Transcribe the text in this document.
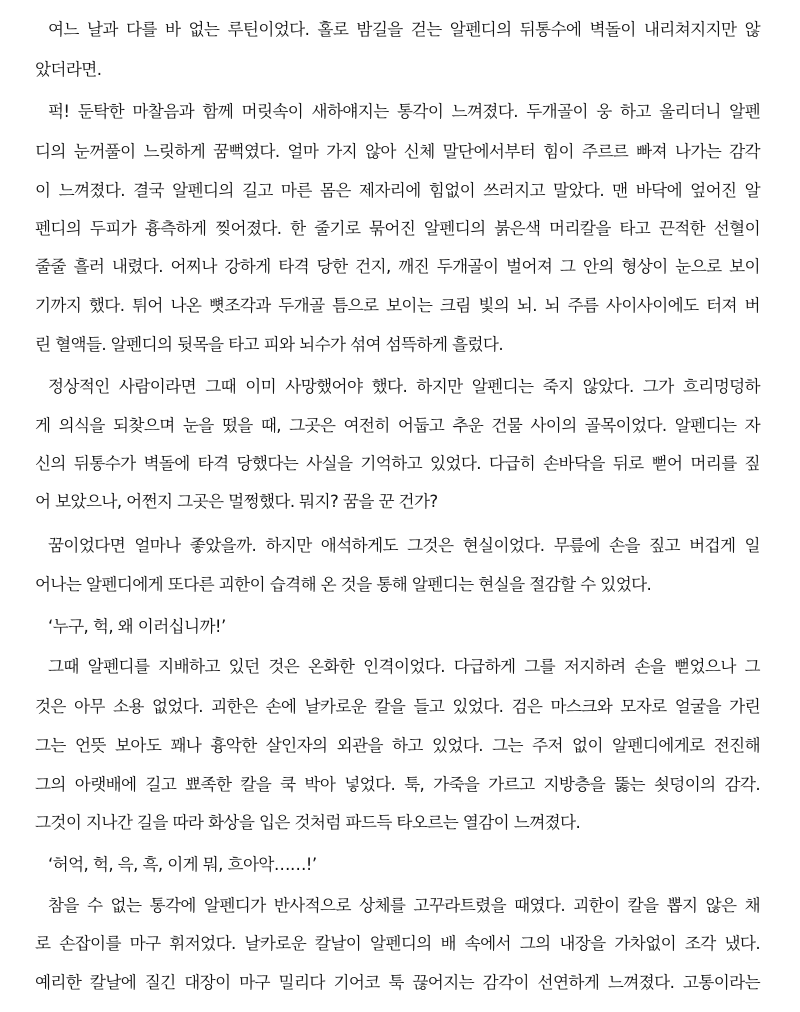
여느 날과 다를 바 없는 루틴이었다. 홀로 밤길을 걷는 알펜디의 뒤통수에 벽돌이 내리쳐지지만 않
았더라면.
퍽! 둔탁한 마찰음과 함께 머릿속이 새하얘지는 통각이 느껴졌다. 두개골이 웅 하고 울리더니 알펜
디의 눈꺼풀이 느릿하게 꿈뻑였다. 얼마 가지 않아 신체 말단에서부터 힘이 주르르 빠져 나가는 감각
이 느껴졌다. 결국 알펜디의 길고 마른 몸은 제자리에 힘없이 쓰러지고 말았다. 맨 바닥에 엎어진 알
펜디의 두피가 흉측하게 찢어졌다. 한 줄기로 묶어진 알펜디의 붉은색 머리칼을 타고 끈적한 선혈이
줄줄 흘러 내렸다. 어찌나 강하게 타격 당한 건지, 깨진 두개골이 벌어져 그 안의 형상이 눈으로 보이
기까지 했다. 튀어 나온 뼛조각과 두개골 틈으로 보이는 크림 빛의 뇌. 뇌 주름 사이사이에도 터져 버
린 혈액들. 알펜디의 뒷목을 타고 피와 뇌수가 섞여 섬뜩하게 흘렀다.
정상적인 사람이라면 그때 이미 사망했어야 했다. 하지만 알펜디는 죽지 않았다. 그가 흐리멍덩하
게 의식을 되찾으며 눈을 떴을 때, 그곳은 여전히 어둡고 추운 건물 사이의 골목이었다. 알펜디는 자
신의 뒤통수가 벽돌에 타격 당했다는 사실을 기억하고 있었다. 다급히 손바닥을 뒤로 뻗어 머리를 짚
어 보았으나, 어쩐지 그곳은 멀쩡했다. 뭐지? 꿈을 꾼 건가?
꿈이었다면 얼마나 좋았을까. 하지만 애석하게도 그것은 현실이었다. 무릎에 손을 짚고 버겁게 일
어나는 알펜디에게 또다른 괴한이 습격해 온 것을 통해 알펜디는 현실을 절감할 수 있었다.
‘누구, 헉, 왜 이러십니까!’
그때 알펜디를 지배하고 있던 것은 온화한 인격이었다. 다급하게 그를 저지하려 손을 뻗었으나 그
것은 아무 소용 없었다. 괴한은 손에 날카로운 칼을 들고 있었다. 검은 마스크와 모자로 얼굴을 가린
그는 언뜻 보아도 꽤나 흉악한 살인자의 외관을 하고 있었다. 그는 주저 없이 알펜디에게로 전진해
그의 아랫배에 길고 뾰족한 칼을 쿡 박아 넣었다. 툭, 가죽을 가르고 지방층을 뚫는 쇳덩이의 감각.
그것이 지나간 길을 따라 화상을 입은 것처럼 파드득 타오르는 열감이 느껴졌다.
‘허억, 헉, 윽, 흑, 이게 뭐, 흐아악……!’
참을 수 없는 통각에 알펜디가 반사적으로 상체를 고꾸라트렸을 때였다. 괴한이 칼을 뽑지 않은 채
로 손잡이를 마구 휘저었다. 날카로운 칼날이 알펜디의 배 속에서 그의 내장을 가차없이 조각 냈다.
예리한 칼날에 질긴 대장이 마구 밀리다 기어코 툭 끊어지는 감각이 선연하게 느껴졌다. 고통이라는
